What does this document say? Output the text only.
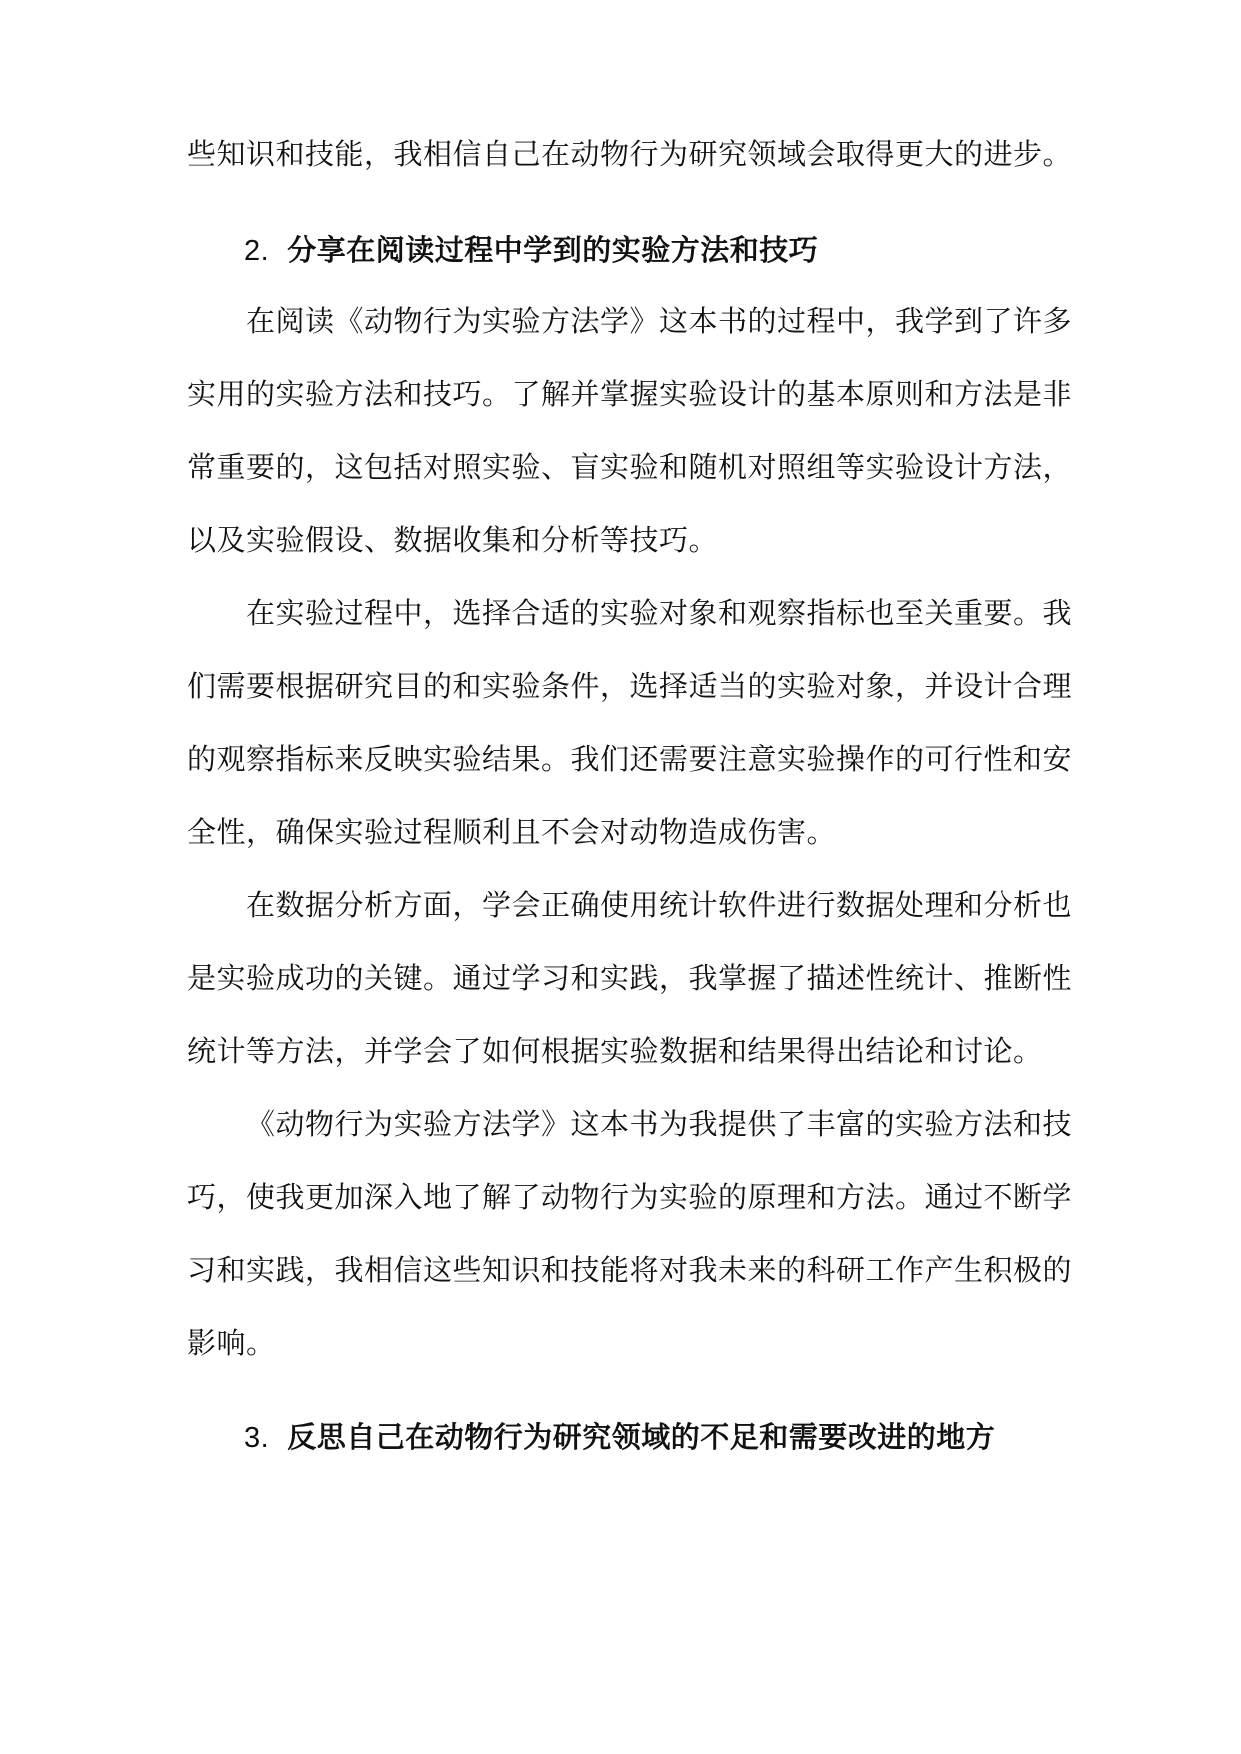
些知识和技能，我相信自己在动物行为研究领域会取得更大的进步。
2. 分享在阅读过程中学到的实验方法和技巧
在阅读《动物行为实验方法学》这本书的过程中，我学到了许多
实用的实验方法和技巧。了解并掌握实验设计的基本原则和方法是非
常重要的，这包括对照实验、盲实验和随机对照组等实验设计方法，
以及实验假设、数据收集和分析等技巧。
在实验过程中，选择合适的实验对象和观察指标也至关重要。我
们需要根据研究目的和实验条件，选择适当的实验对象，并设计合理
的观察指标来反映实验结果。我们还需要注意实验操作的可行性和安
全性，确保实验过程顺利且不会对动物造成伤害。
在数据分析方面，学会正确使用统计软件进行数据处理和分析也
是实验成功的关键。通过学习和实践，我掌握了描述性统计、推断性
统计等方法，并学会了如何根据实验数据和结果得出结论和讨论。
《动物行为实验方法学》这本书为我提供了丰富的实验方法和技
巧，使我更加深入地了解了动物行为实验的原理和方法。通过不断学
习和实践，我相信这些知识和技能将对我未来的科研工作产生积极的
影响。
3. 反思自己在动物行为研究领域的不足和需要改进的地方
